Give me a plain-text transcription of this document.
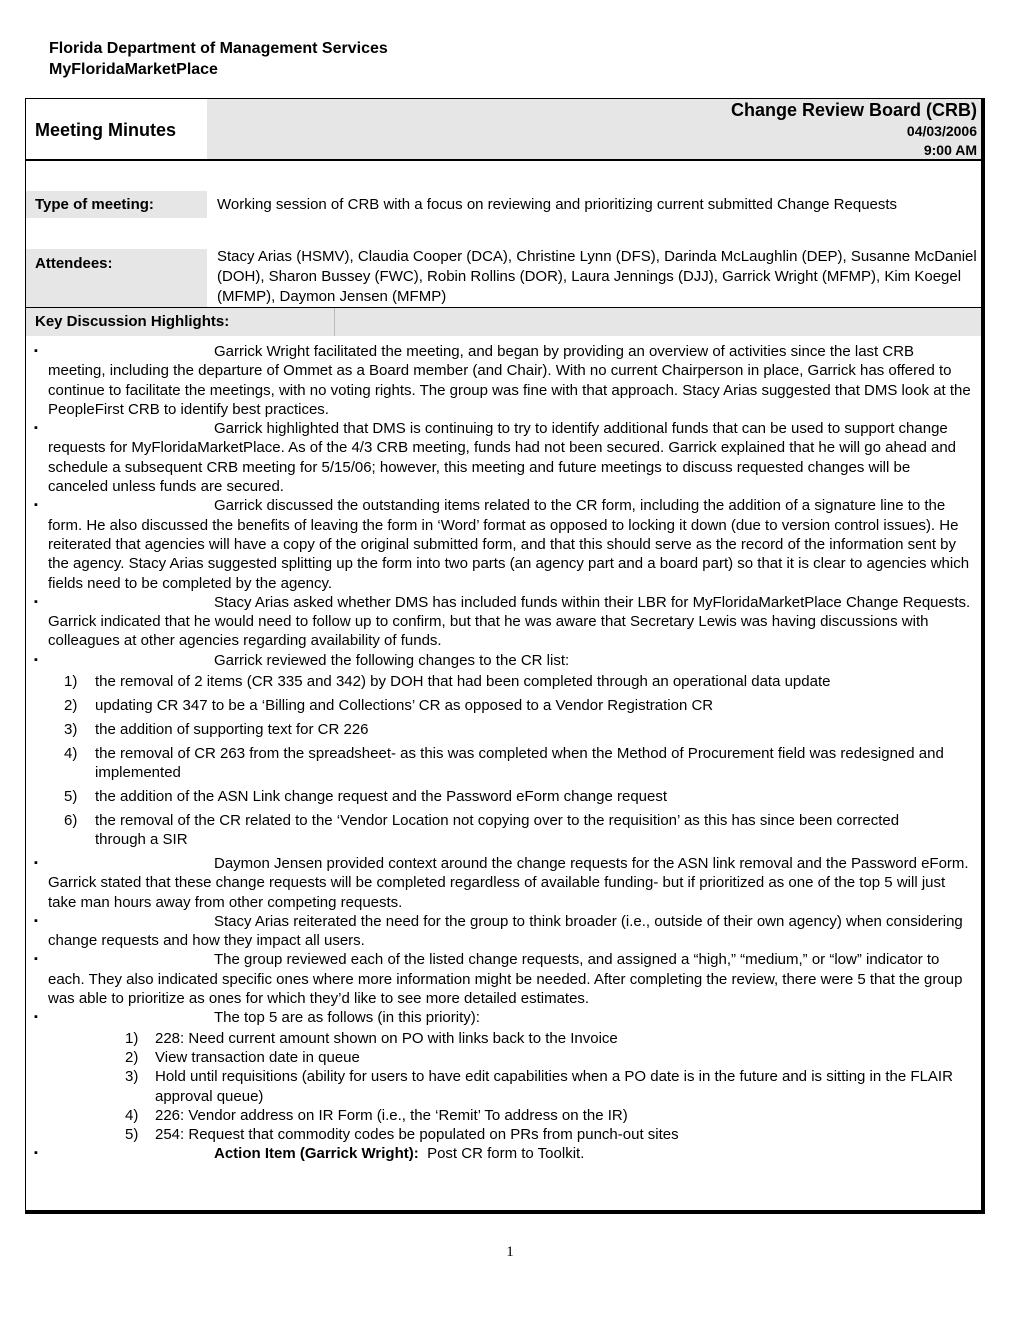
Florida Department of Management Services
MyFloridaMarketPlace
Meeting Minutes
Change Review Board (CRB)
04/03/2006
9:00 AM
Type of meeting:	Working session of CRB with a focus on reviewing and prioritizing current submitted Change Requests
Attendees:	Stacy Arias (HSMV), Claudia Cooper (DCA), Christine Lynn (DFS), Darinda McLaughlin (DEP), Susanne McDaniel (DOH), Sharon Bussey (FWC), Robin Rollins (DOR), Laura Jennings (DJJ), Garrick Wright (MFMP), Kim Koegel (MFMP), Daymon Jensen (MFMP)
Key Discussion Highlights:
▪	Garrick Wright facilitated the meeting, and began by providing an overview of activities since the last CRB meeting, including the departure of Ommet as a Board member (and Chair). With no current Chairperson in place, Garrick has offered to continue to facilitate the meetings, with no voting rights. The group was fine with that approach. Stacy Arias suggested that DMS look at the PeopleFirst CRB to identify best practices.
▪	Garrick highlighted that DMS is continuing to try to identify additional funds that can be used to support change requests for MyFloridaMarketPlace. As of the 4/3 CRB meeting, funds had not been secured. Garrick explained that he will go ahead and schedule a subsequent CRB meeting for 5/15/06; however, this meeting and future meetings to discuss requested changes will be canceled unless funds are secured.
▪	Garrick discussed the outstanding items related to the CR form, including the addition of a signature line to the form. He also discussed the benefits of leaving the form in ‘Word’ format as opposed to locking it down (due to version control issues). He reiterated that agencies will have a copy of the original submitted form, and that this should serve as the record of the information sent by the agency. Stacy Arias suggested splitting up the form into two parts (an agency part and a board part) so that it is clear to agencies which fields need to be completed by the agency.
▪	Stacy Arias asked whether DMS has included funds within their LBR for MyFloridaMarketPlace Change Requests. Garrick indicated that he would need to follow up to confirm, but that he was aware that Secretary Lewis was having discussions with colleagues at other agencies regarding availability of funds.
▪	Garrick reviewed the following changes to the CR list:
1) the removal of 2 items (CR 335 and 342) by DOH that had been completed through an operational data update
2) updating CR 347 to be a ‘Billing and Collections’ CR as opposed to a Vendor Registration CR
3) the addition of supporting text for CR 226
4) the removal of CR 263 from the spreadsheet- as this was completed when the Method of Procurement field was redesigned and implemented
5) the addition of the ASN Link change request and the Password eForm change request
6) the removal of the CR related to the ‘Vendor Location not copying over to the requisition’ as this has since been corrected through a SIR
▪	Daymon Jensen provided context around the change requests for the ASN link removal and the Password eForm. Garrick stated that these change requests will be completed regardless of available funding- but if prioritized as one of the top 5 will just take man hours away from other competing requests.
▪	Stacy Arias reiterated the need for the group to think broader (i.e., outside of their own agency) when considering change requests and how they impact all users.
▪	The group reviewed each of the listed change requests, and assigned a “high,” “medium,” or “low” indicator to each. They also indicated specific ones where more information might be needed. After completing the review, there were 5 that the group was able to prioritize as ones for which they’d like to see more detailed estimates.
▪	The top 5 are as follows (in this priority):
1) 228: Need current amount shown on PO with links back to the Invoice
2) View transaction date in queue
3) Hold until requisitions (ability for users to have edit capabilities when a PO date is in the future and is sitting in the FLAIR approval queue)
4) 226: Vendor address on IR Form (i.e., the ‘Remit’ To address on the IR)
5) 254: Request that commodity codes be populated on PRs from punch-out sites
▪	Action Item (Garrick Wright):  Post CR form to Toolkit.
1
